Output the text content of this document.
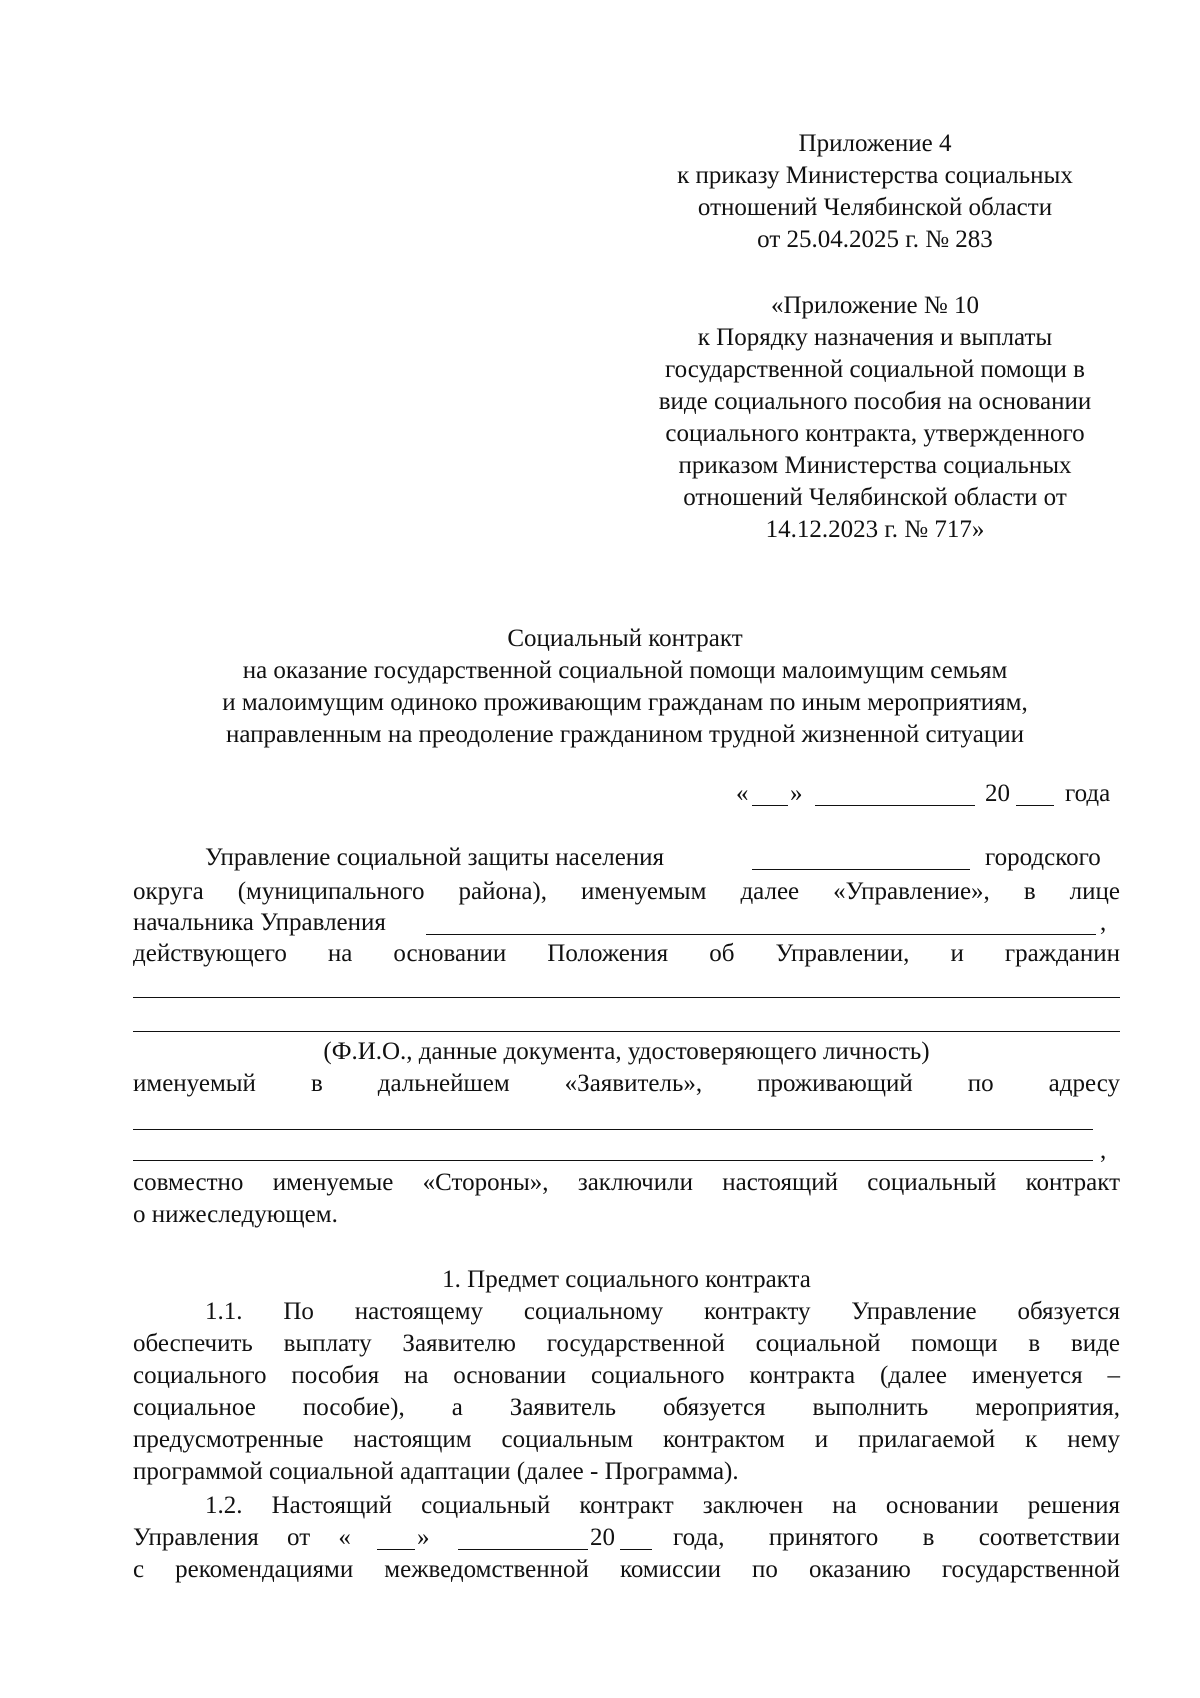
Приложение 4
к приказу Министерства социальных
отношений Челябинской области
от 25.04.2025 г. № 283
«Приложение № 10
к Порядку назначения и выплаты
государственной социальной помощи в
виде социального пособия на основании
социального контракта, утвержденного
приказом Министерства социальных
отношений Челябинской области от
14.12.2023 г. № 717»
Социальный контракт
на оказание государственной социальной помощи малоимущим семьям
и малоимущим одиноко проживающим гражданам по иным мероприятиям,
направленным на преодоление гражданином трудной жизненной ситуации
« »	20 года
Управление социальной защиты населения	городского
округа (муниципального района), именуемым далее «Управление», в лице
начальника Управления	,
действующего на основании Положения об Управлении, и гражданин
(Ф.И.О., данные документа, удостоверяющего личность)
именуемый в дальнейшем «Заявитель», проживающий по адресу
,
совместно именуемые «Стороны», заключили настоящий социальный контракт
о нижеследующем.
1. Предмет социального контракта
1.1. По настоящему социальному контракту Управление обязуется
обеспечить выплату Заявителю государственной социальной помощи в виде
социального пособия на основании социального контракта (далее именуется –
социальное пособие), а Заявитель обязуется выполнить мероприятия,
предусмотренные настоящим социальным контрактом и прилагаемой к нему
программой социальной адаптации (далее - Программа).
1.2. Настоящий социальный контракт заключен на основании решения
Управления от «	»	20 года, принятого в соответствии
с рекомендациями межведомственной комиссии по оказанию государственной
